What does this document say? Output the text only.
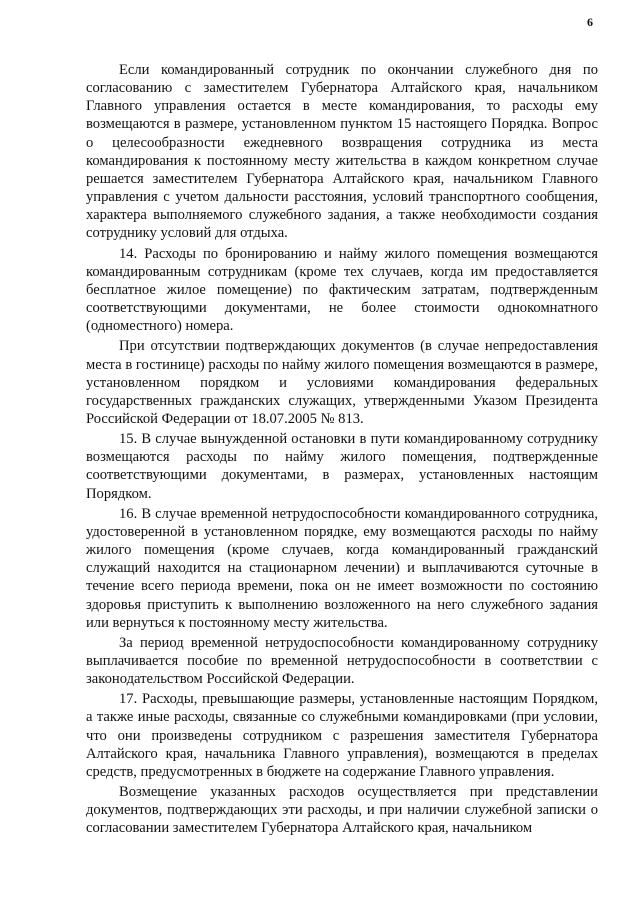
6

Если командированный сотрудник по окончании служебного дня по согласованию с заместителем Губернатора Алтайского края, начальником Главного управления остается в месте командирования, то расходы ему возмещаются в размере, установленном пунктом 15 настоящего Порядка. Вопрос о целесообразности ежедневного возвращения сотрудника из места командирования к постоянному месту жительства в каждом конкретном случае решается заместителем Губернатора Алтайского края, начальником Главного управления с учетом дальности расстояния, условий транспортного сообщения, характера выполняемого служебного задания, а также необходимости создания сотруднику условий для отдыха.

14. Расходы по бронированию и найму жилого помещения возмещаются командированным сотрудникам (кроме тех случаев, когда им предоставляется бесплатное жилое помещение) по фактическим затратам, подтвержденным соответствующими документами, не более стоимости однокомнатного (одноместного) номера.

При отсутствии подтверждающих документов (в случае непредоставления места в гостинице) расходы по найму жилого помещения возмещаются в размере, установленном порядком и условиями командирования федеральных государственных гражданских служащих, утвержденными Указом Президента Российской Федерации от 18.07.2005 № 813.

15. В случае вынужденной остановки в пути командированному сотруднику возмещаются расходы по найму жилого помещения, подтвержденные соответствующими документами, в размерах, установленных настоящим Порядком.

16. В случае временной нетрудоспособности командированного сотрудника, удостоверенной в установленном порядке, ему возмещаются расходы по найму жилого помещения (кроме случаев, когда командированный гражданский служащий находится на стационарном лечении) и выплачиваются суточные в течение всего периода времени, пока он не имеет возможности по состоянию здоровья приступить к выполнению возложенного на него служебного задания или вернуться к постоянному месту жительства.

За период временной нетрудоспособности командированному сотруднику выплачивается пособие по временной нетрудоспособности в соответствии с законодательством Российской Федерации.

17. Расходы, превышающие размеры, установленные настоящим Порядком, а также иные расходы, связанные со служебными командировками (при условии, что они произведены сотрудником с разрешения заместителя Губернатора Алтайского края, начальника Главного управления), возмещаются в пределах средств, предусмотренных в бюджете на содержание Главного управления.

Возмещение указанных расходов осуществляется при представлении документов, подтверждающих эти расходы, и при наличии служебной записки о согласовании заместителем Губернатора Алтайского края, начальником
